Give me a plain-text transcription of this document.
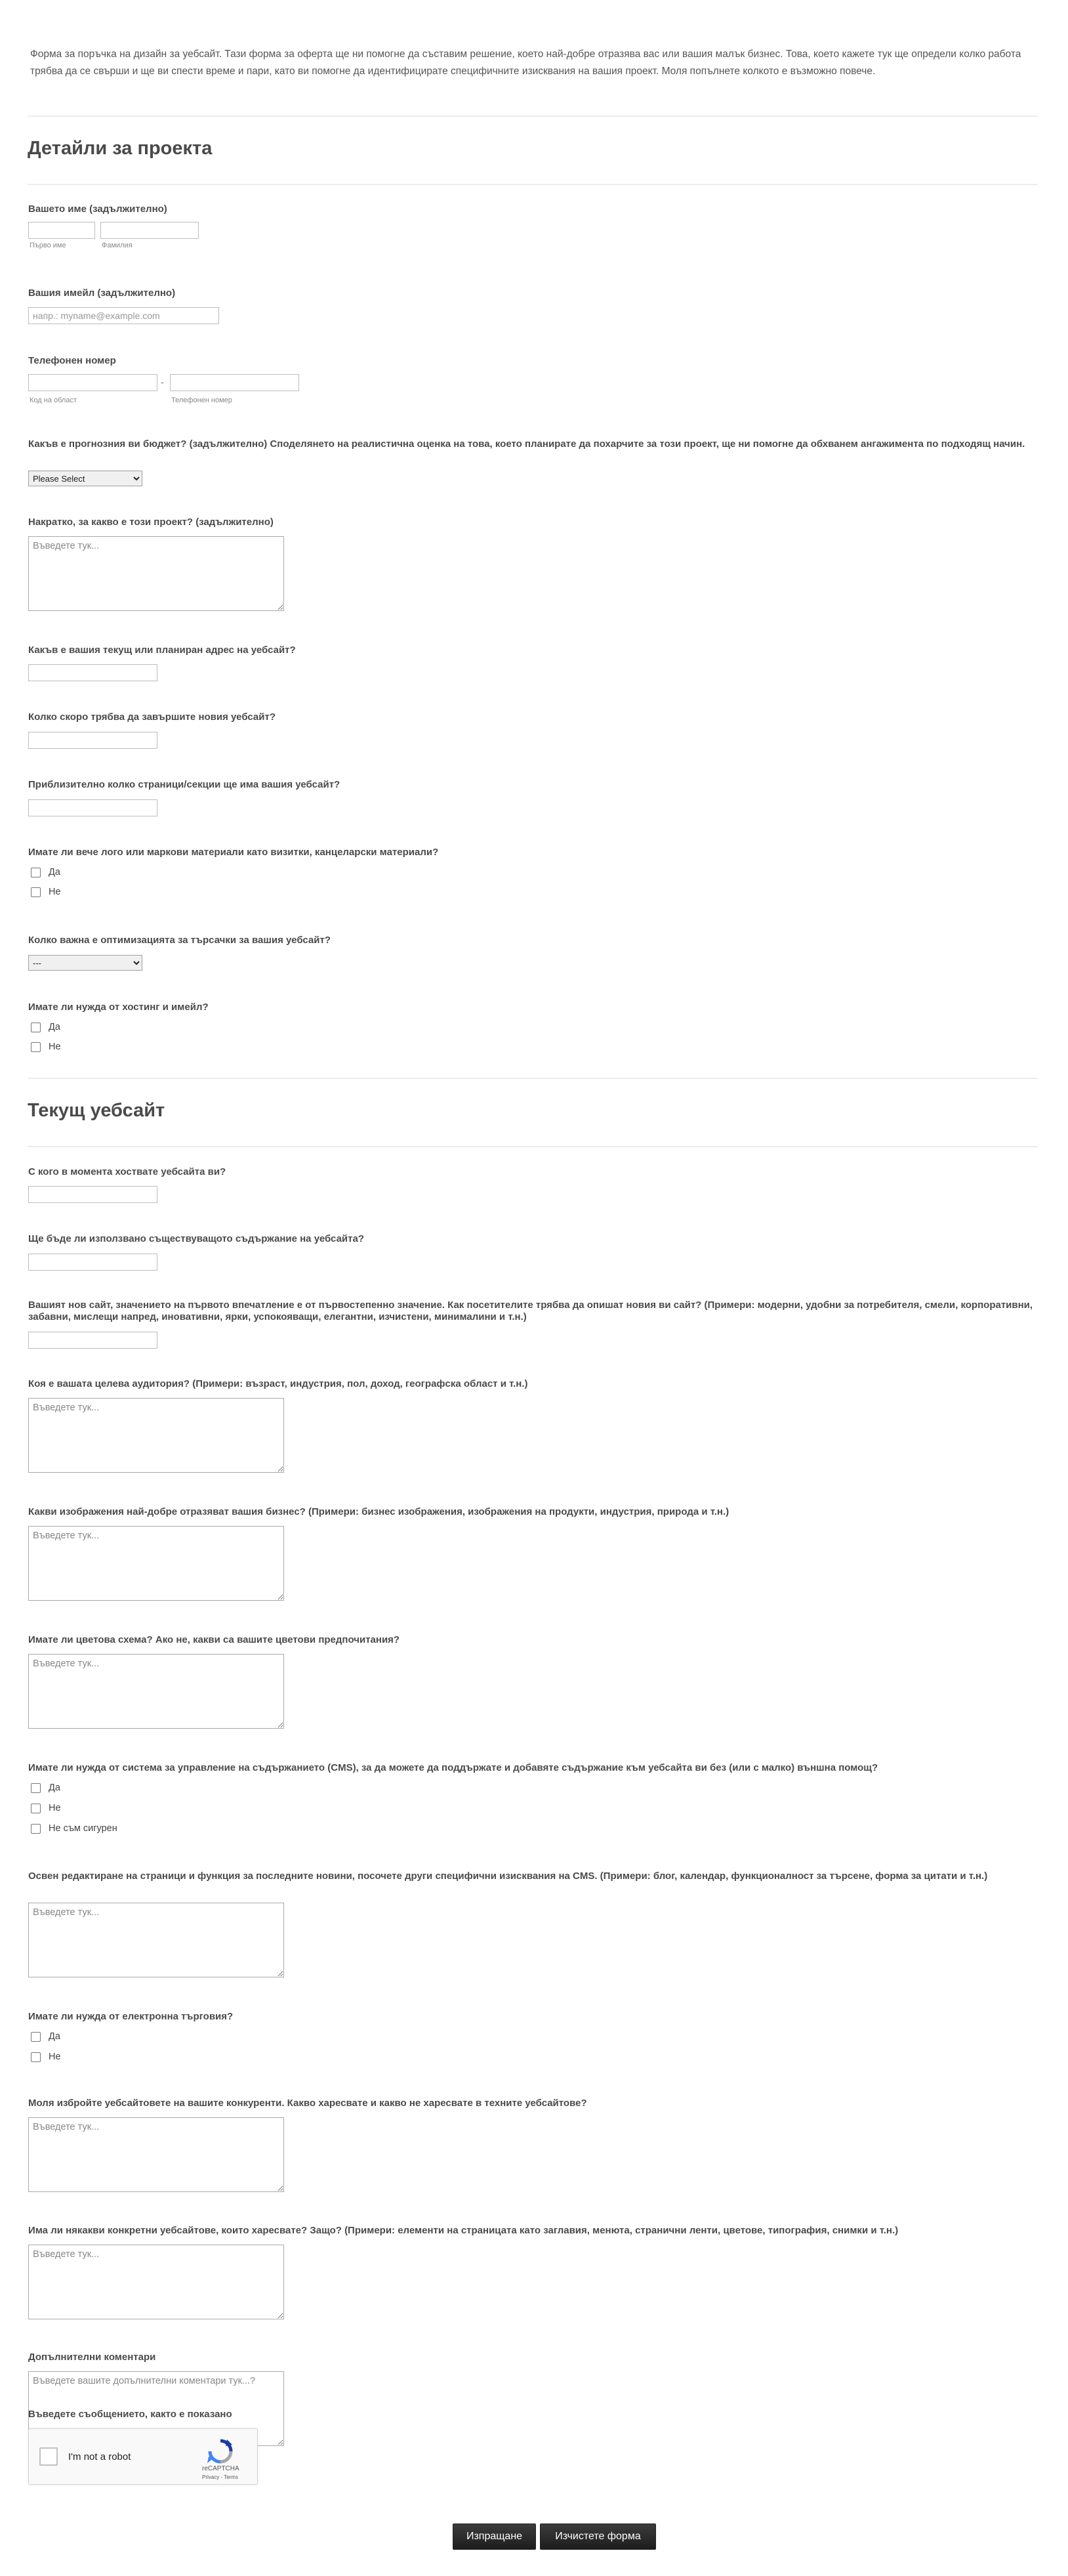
Форма за поръчка на дизайн за уебсайт. Тази форма за оферта ще ни помогне да съставим решение, което най-добре отразява вас или вашия малък бизнес. Това, което кажете тук ще определи колко работа трябва да се свърши и ще ви спести време и пари, като ви помогне да идентифицирате специфичните изисквания на вашия проект. Моля попълнете колкото е възможно повече.

Детайли за проекта
Вашето име (задължително)
Първо име	Фамилия
Вашия имейл (задължително)
напр.: myname@example.com
Телефонен номер
-
Код на област	Телефонен номер
Какъв е прогнозния ви бюджет? (задължително) Споделянето на реалистична оценка на това, което планирате да похарчите за този проект, ще ни помогне да обхванем ангажимента по подходящ начин.
Please Select
Накратко, за какво е този проект? (задължително)
Въведете тук...
Какъв е вашия текущ или планиран адрес на уебсайт?
Колко скоро трябва да завършите новия уебсайт?
Приблизително колко страници/секции ще има вашия уебсайт?
Имате ли вече лого или маркови материали като визитки, канцеларски материали?
Да
Не
Колко важна е оптимизацията за търсачки за вашия уебсайт?
---
Имате ли нужда от хостинг и имейл?
Да
Не
Текущ уебсайт
С кого в момента хоствате уебсайта ви?
Ще бъде ли използвано съществуващото съдържание на уебсайта?
Вашият нов сайт, значението на първото впечатление е от първостепенно значение. Как посетителите трябва да опишат новия ви сайт? (Примери: модерни, удобни за потребителя, смели, корпоративни, забавни, мислещи напред, иновативни, ярки, успокояващи, елегантни, изчистени, минималини и т.н.)
Коя е вашата целева аудитория? (Примери: възраст, индустрия, пол, доход, географска област и т.н.)
Въведете тук...
Какви изображения най-добре отразяват вашия бизнес? (Примери: бизнес изображения, изображения на продукти, индустрия, природа и т.н.)
Въведете тук...
Имате ли цветова схема? Ако не, какви са вашите цветови предпочитания?
Въведете тук...
Имате ли нужда от система за управление на съдържанието (CMS), за да можете да поддържате и добавяте съдържание към уебсайта ви без (или с малко) външна помощ?
Да
Не
Не съм сигурен
Освен редактиране на страници и функция за последните новини, посочете други специфични изисквания на CMS. (Примери: блог, календар, функционалност за търсене, форма за цитати и т.н.)
Въведете тук...
Имате ли нужда от електронна търговия?
Да
Не
Моля избройте уебсайтовете на вашите конкуренти. Какво харесвате и какво не харесвате в техните уебсайтове?
Въведете тук...
Има ли някакви конкретни уебсайтове, които харесвате? Защо? (Примери: елементи на страницата като заглавия, менюта, странични ленти, цветове, типография, снимки и т.н.)
Въведете тук...
Допълнителни коментари
Въведете вашите допълнителни коментари тук...?
Въведете съобщението, както е показано
I'm not a robot
reCAPTCHA
Privacy - Terms
Изпращане	Изчистете форма
